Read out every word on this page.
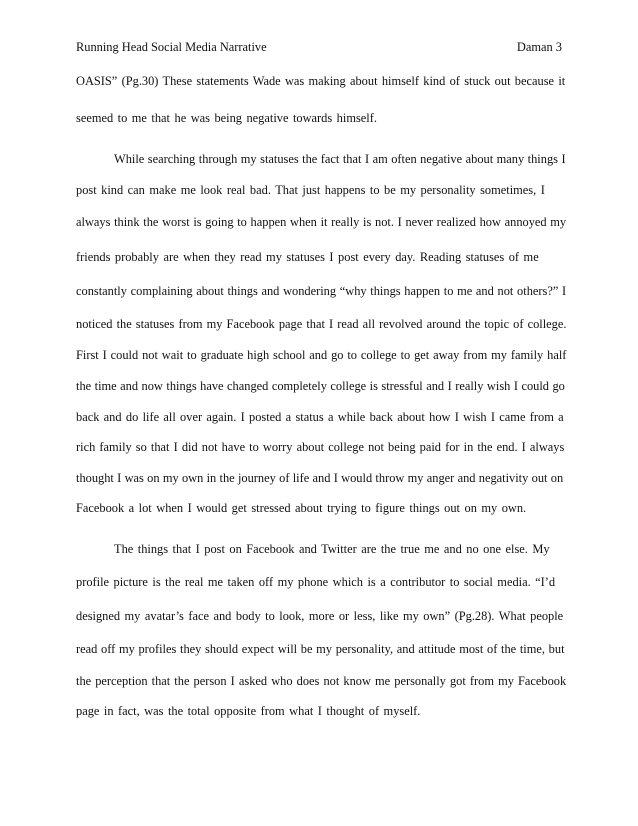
Running Head Social Media Narrative	Daman 3
OASIS” (Pg.30) These statements Wade was making about himself kind of stuck out because it
seemed to me that he was being negative towards himself.
While searching through my statuses the fact that I am often negative about many things I
post kind can make me look real bad. That just happens to be my personality sometimes, I
always think the worst is going to happen when it really is not. I never realized how annoyed my
friends probably are when they read my statuses I post every day. Reading statuses of me
constantly complaining about things and wondering “why things happen to me and not others?” I
noticed the statuses from my Facebook page that I read all revolved around the topic of college.
First I could not wait to graduate high school and go to college to get away from my family half
the time and now things have changed completely college is stressful and I really wish I could go
back and do life all over again. I posted a status a while back about how I wish I came from a
rich family so that I did not have to worry about college not being paid for in the end. I always
thought I was on my own in the journey of life and I would throw my anger and negativity out on
Facebook a lot when I would get stressed about trying to figure things out on my own.
The things that I post on Facebook and Twitter are the true me and no one else. My
profile picture is the real me taken off my phone which is a contributor to social media. “I’d
designed my avatar’s face and body to look, more or less, like my own” (Pg.28). What people
read off my profiles they should expect will be my personality, and attitude most of the time, but
the perception that the person I asked who does not know me personally got from my Facebook
page in fact, was the total opposite from what I thought of myself.
